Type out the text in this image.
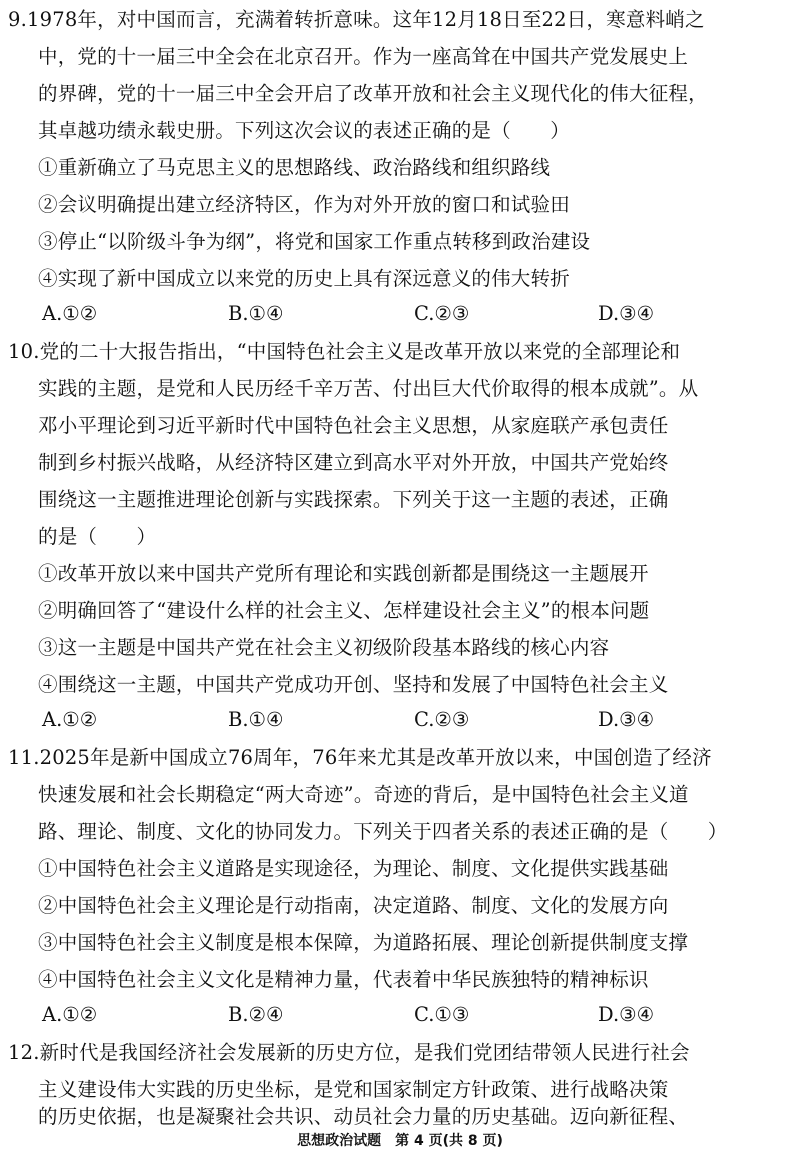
9.1978年，对中国而言，充满着转折意味。这年12月18日至22日，寒意料峭之
中，党的十一届三中全会在北京召开。作为一座高耸在中国共产党发展史上
的界碑，党的十一届三中全会开启了改革开放和社会主义现代化的伟大征程，
其卓越功绩永载史册。下列这次会议的表述正确的是（　　）
①重新确立了马克思主义的思想路线、政治路线和组织路线
②会议明确提出建立经济特区，作为对外开放的窗口和试验田
③停止“以阶级斗争为纲”，将党和国家工作重点转移到政治建设
④实现了新中国成立以来党的历史上具有深远意义的伟大转折
A.①②	B.①④	C.②③	D.③④
10.党的二十大报告指出，“中国特色社会主义是改革开放以来党的全部理论和
实践的主题，是党和人民历经千辛万苦、付出巨大代价取得的根本成就”。从
邓小平理论到习近平新时代中国特色社会主义思想，从家庭联产承包责任
制到乡村振兴战略，从经济特区建立到高水平对外开放，中国共产党始终
围绕这一主题推进理论创新与实践探索。下列关于这一主题的表述，正确
的是（　　）
①改革开放以来中国共产党所有理论和实践创新都是围绕这一主题展开
②明确回答了“建设什么样的社会主义、怎样建设社会主义”的根本问题
③这一主题是中国共产党在社会主义初级阶段基本路线的核心内容
④围绕这一主题，中国共产党成功开创、坚持和发展了中国特色社会主义
A.①②	B.①④	C.②③	D.③④
11.2025年是新中国成立76周年，76年来尤其是改革开放以来，中国创造了经济
快速发展和社会长期稳定“两大奇迹”。奇迹的背后，是中国特色社会主义道
路、理论、制度、文化的协同发力。下列关于四者关系的表述正确的是（　　）
①中国特色社会主义道路是实现途径，为理论、制度、文化提供实践基础
②中国特色社会主义理论是行动指南，决定道路、制度、文化的发展方向
③中国特色社会主义制度是根本保障，为道路拓展、理论创新提供制度支撑
④中国特色社会主义文化是精神力量，代表着中华民族独特的精神标识
A.①②	B.②④	C.①③	D.③④
12.新时代是我国经济社会发展新的历史方位，是我们党团结带领人民进行社会
主义建设伟大实践的历史坐标，是党和国家制定方针政策、进行战略决策
的历史依据，也是凝聚社会共识、动员社会力量的历史基础。迈向新征程、
思想政治试题　第 4 页(共 8 页)
